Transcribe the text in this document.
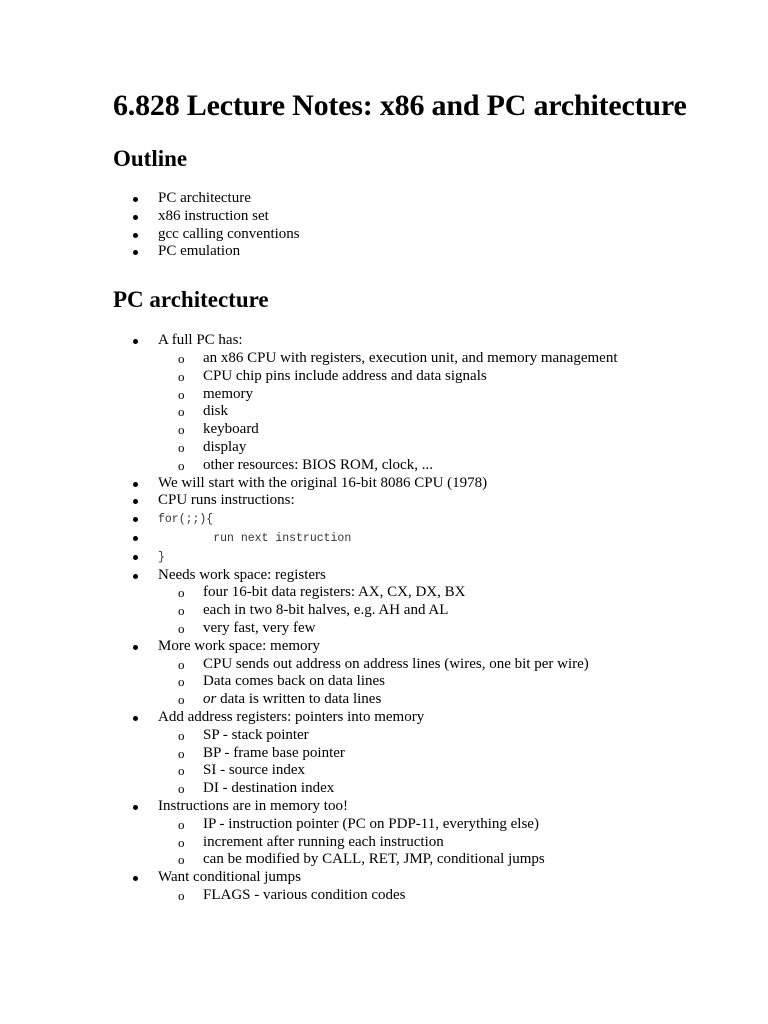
6.828 Lecture Notes: x86 and PC architecture
Outline
PC architecture
x86 instruction set
gcc calling conventions
PC emulation
PC architecture
A full PC has:
o an x86 CPU with registers, execution unit, and memory management
o CPU chip pins include address and data signals
o memory
o disk
o keyboard
o display
o other resources: BIOS ROM, clock, ...
We will start with the original 16-bit 8086 CPU (1978)
CPU runs instructions:
for(;;){
run next instruction
}
Needs work space: registers
o four 16-bit data registers: AX, CX, DX, BX
o each in two 8-bit halves, e.g. AH and AL
o very fast, very few
More work space: memory
o CPU sends out address on address lines (wires, one bit per wire)
o Data comes back on data lines
o or data is written to data lines
Add address registers: pointers into memory
o SP - stack pointer
o BP - frame base pointer
o SI - source index
o DI - destination index
Instructions are in memory too!
o IP - instruction pointer (PC on PDP-11, everything else)
o increment after running each instruction
o can be modified by CALL, RET, JMP, conditional jumps
Want conditional jumps
o FLAGS - various condition codes
